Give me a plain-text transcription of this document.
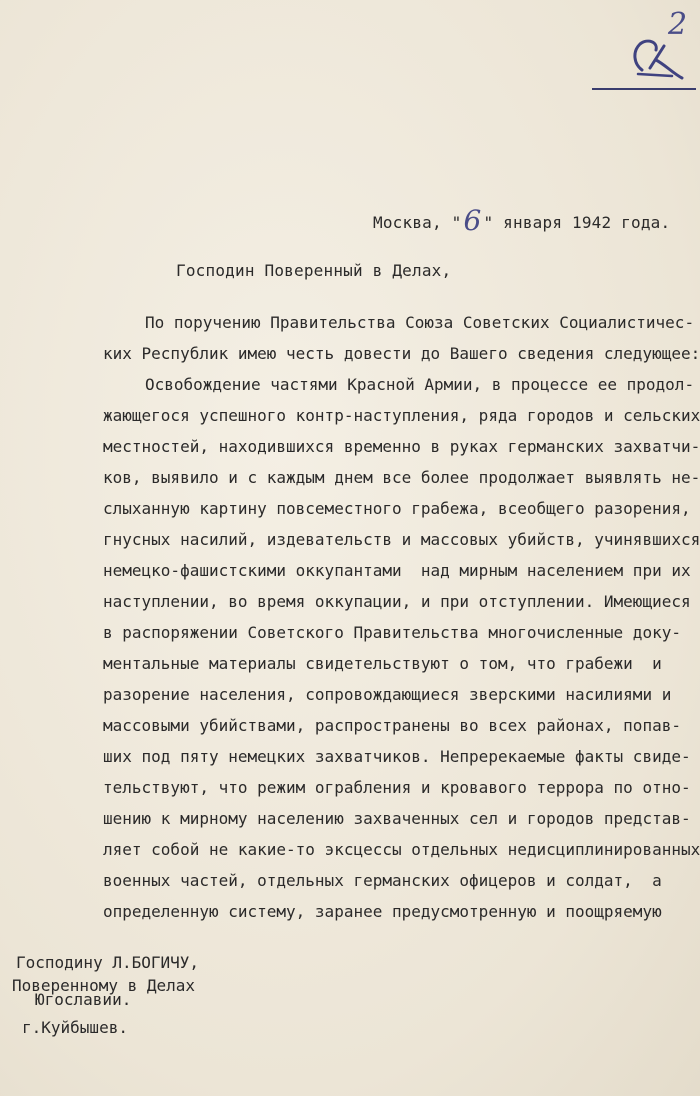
2
Москва, "6 " января 1942 года.
Господин Поверенный в Делах,
По поручению Правительства Союза Советских Социалистичес-
ких Республик имею честь довести до Вашего сведения следующее:
Освобождение частями Красной Армии, в процессе ее продол-
жающегося успешного контр-наступления, ряда городов и сельских
местностей, находившихся временно в руках германских захватчи-
ков, выявило и с каждым днем все более продолжает выявлять не-
слыханную картину повсеместного грабежа, всеобщего разорения,
гнусных насилий, издевательств и массовых убийств, учинявшихся
немецко-фашистскими оккупантами  над мирным населением при их
наступлении, во время оккупации, и при отступлении. Имеющиеся
в распоряжении Советского Правительства многочисленные доку-
ментальные материалы свидетельствуют о том, что грабежи  и
разорение населения, сопровождающиеся зверскими насилиями и
массовыми убийствами, распространены во всех районах, попав-
ших под пяту немецких захватчиков. Непререкаемые факты свиде-
тельствуют, что режим ограбления и кровавого террора по отно-
шению к мирному населению захваченных сел и городов представ-
ляет собой не какие-то эксцессы отдельных недисциплинированных
военных частей, отдельных германских офицеров и солдат,  а
определенную систему, заранее предусмотренную и поощряемую
Господину Л.БОГИЧУ,
Поверенному в Делах
Югославии.
г.Куйбышев.
